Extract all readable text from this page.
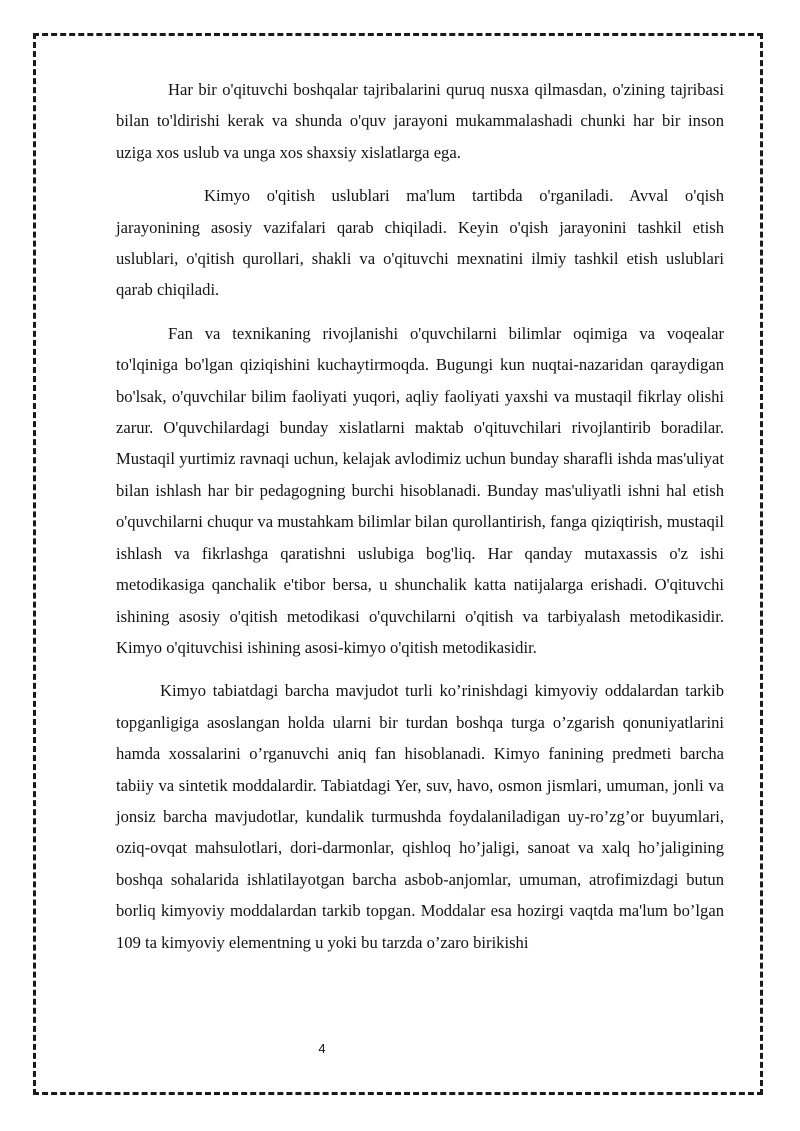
Har bir o'qituvchi boshqalar tajribalarini quruq nusxa qilmasdan, o'zining tajribasi bilan to'ldirishi kerak va shunda o'quv jarayoni mukammalashadi chunki har bir inson uziga xos uslub va unga xos shaxsiy xislatlarga ega.

Kimyo o'qitish uslublari ma'lum tartibda o'rganiladi. Avval o'qish jarayonining asosiy vazifalari qarab chiqiladi. Keyin o'qish jarayonini tashkil etish uslublari, o'qitish qurollari, shakli va o'qituvchi mexnatini ilmiy tashkil etish uslublari qarab chiqiladi.

Fan va texnikaning rivojlanishi o'quvchilarni bilimlar oqimiga va voqealar to'lqiniga bo'lgan qiziqishini kuchaytirmoqda. Bugungi kun nuqtai-nazaridan qaraydigan bo'lsak, o'quvchilar bilim faoliyati yuqori, aqliy faoliyati yaxshi va mustaqil fikrlay olishi zarur. O'quvchilardagi bunday xislatlarni maktab o'qituvchilari rivojlantirib boradilar. Mustaqil yurtimiz ravnaqi uchun, kelajak avlodimiz uchun bunday sharafli ishda mas'uliyat bilan ishlash har bir pedagogning burchi hisoblanadi. Bunday mas'uliyatli ishni hal etish o'quvchilarni chuqur va mustahkam bilimlar bilan qurollantirish, fanga qiziqtirish, mustaqil ishlash va fikrlashga qaratishni uslubiga bog'liq. Har qanday mutaxassis o'z ishi metodikasiga qanchalik e'tibor bersa, u shunchalik katta natijalarga erishadi. O'qituvchi ishining asosiy o'qitish metodikasi o'quvchilarni o'qitish va tarbiyalash metodikasidir. Kimyo o'qituvchisi ishining asosi-kimyo o'qitish metodikasidir.

Kimyo tabiatdagi barcha mavjudot turli ko’rinishdagi kimyoviy oddalardan tarkib topganligiga asoslangan holda ularni bir turdan boshqa turga o’zgarish qonuniyatlarini hamda xossalarini o’rganuvchi aniq fan hisoblanadi. Kimyo fanining predmeti barcha tabiiy va sintetik moddalardir. Tabiatdagi Yer, suv, havo, osmon jismlari, umuman, jonli va jonsiz barcha mavjudotlar, kundalik turmushda foydalaniladigan uy-ro’zg’or buyumlari, oziq-ovqat mahsulotlari, dori-darmonlar, qishloq ho’jaligi, sanoat va xalq ho’jaligining boshqa sohalarida ishlatilayotgan barcha asbob-anjomlar, umuman, atrofimizdagi butun borliq kimyoviy moddalardan tarkib topgan. Moddalar esa hozirgi vaqtda ma'lum bo’lgan 109 ta kimyoviy elementning u yoki bu tarzda o’zaro birikishi

4
